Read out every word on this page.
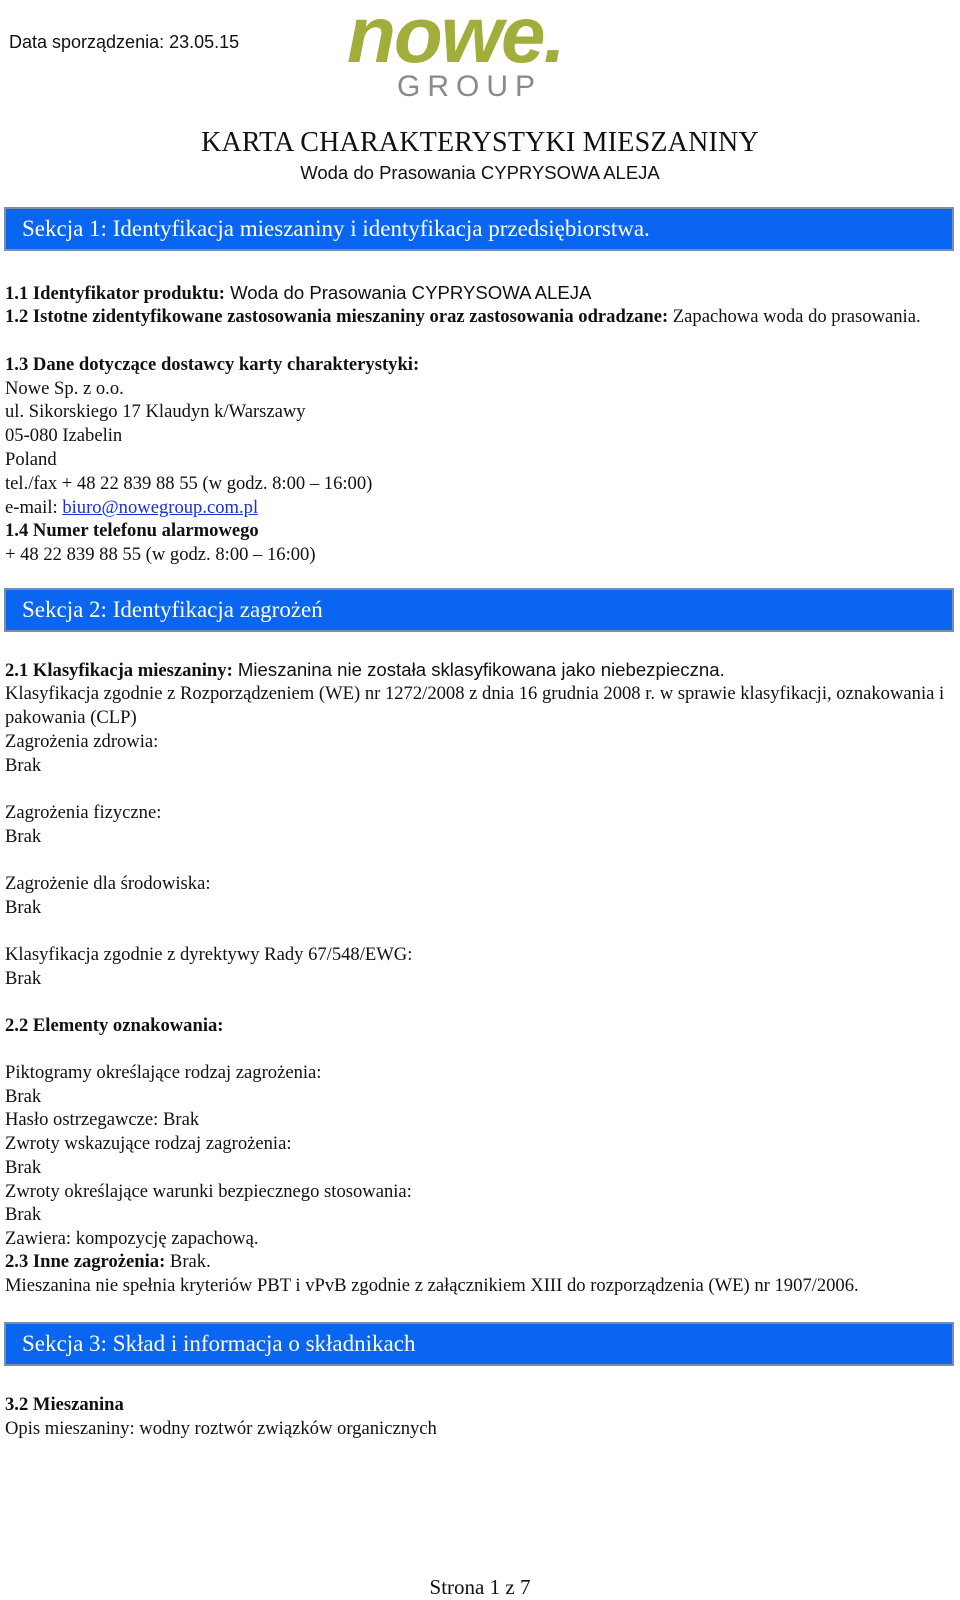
Data sporządzenia: 23.05.15 nowe.
GROUP
KARTA CHARAKTERYSTYKI MIESZANINY
Woda do Prasowania CYPRYSOWA ALEJA
Sekcja 1: Identyfikacja mieszaniny i identyfikacja przedsiębiorstwa.
1.1 Identyfikator produktu: Woda do Prasowania CYPRYSOWA ALEJA
1.2 Istotne zidentyfikowane zastosowania mieszaniny oraz zastosowania odradzane: Zapachowa woda do prasowania.
1.3 Dane dotyczące dostawcy karty charakterystyki:
Nowe Sp. z o.o.
ul. Sikorskiego 17 Klaudyn k/Warszawy
05-080 Izabelin
Poland
tel./fax + 48 22 839 88 55 (w godz. 8:00 – 16:00)
e-mail: biuro@nowegroup.com.pl
1.4 Numer telefonu alarmowego
+ 48 22 839 88 55 (w godz. 8:00 – 16:00)
Sekcja 2: Identyfikacja zagrożeń
2.1 Klasyfikacja mieszaniny: Mieszanina nie została sklasyfikowana jako niebezpieczna.
Klasyfikacja zgodnie z Rozporządzeniem (WE) nr 1272/2008 z dnia 16 grudnia 2008 r. w sprawie klasyfikacji, oznakowania i pakowania (CLP)
Zagrożenia zdrowia:
Brak
Zagrożenia fizyczne:
Brak
Zagrożenie dla środowiska:
Brak
Klasyfikacja zgodnie z dyrektywy Rady 67/548/EWG:
Brak
2.2 Elementy oznakowania:
Piktogramy określające rodzaj zagrożenia:
Brak
Hasło ostrzegawcze: Brak
Zwroty wskazujące rodzaj zagrożenia:
Brak
Zwroty określające warunki bezpiecznego stosowania:
Brak
Zawiera: kompozycję zapachową.
2.3 Inne zagrożenia: Brak.
Mieszanina nie spełnia kryteriów PBT i vPvB zgodnie z załącznikiem XIII do rozporządzenia (WE) nr 1907/2006.
Sekcja 3: Skład i informacja o składnikach
3.2 Mieszanina
Opis mieszaniny: wodny roztwór związków organicznych
Strona 1 z 7
